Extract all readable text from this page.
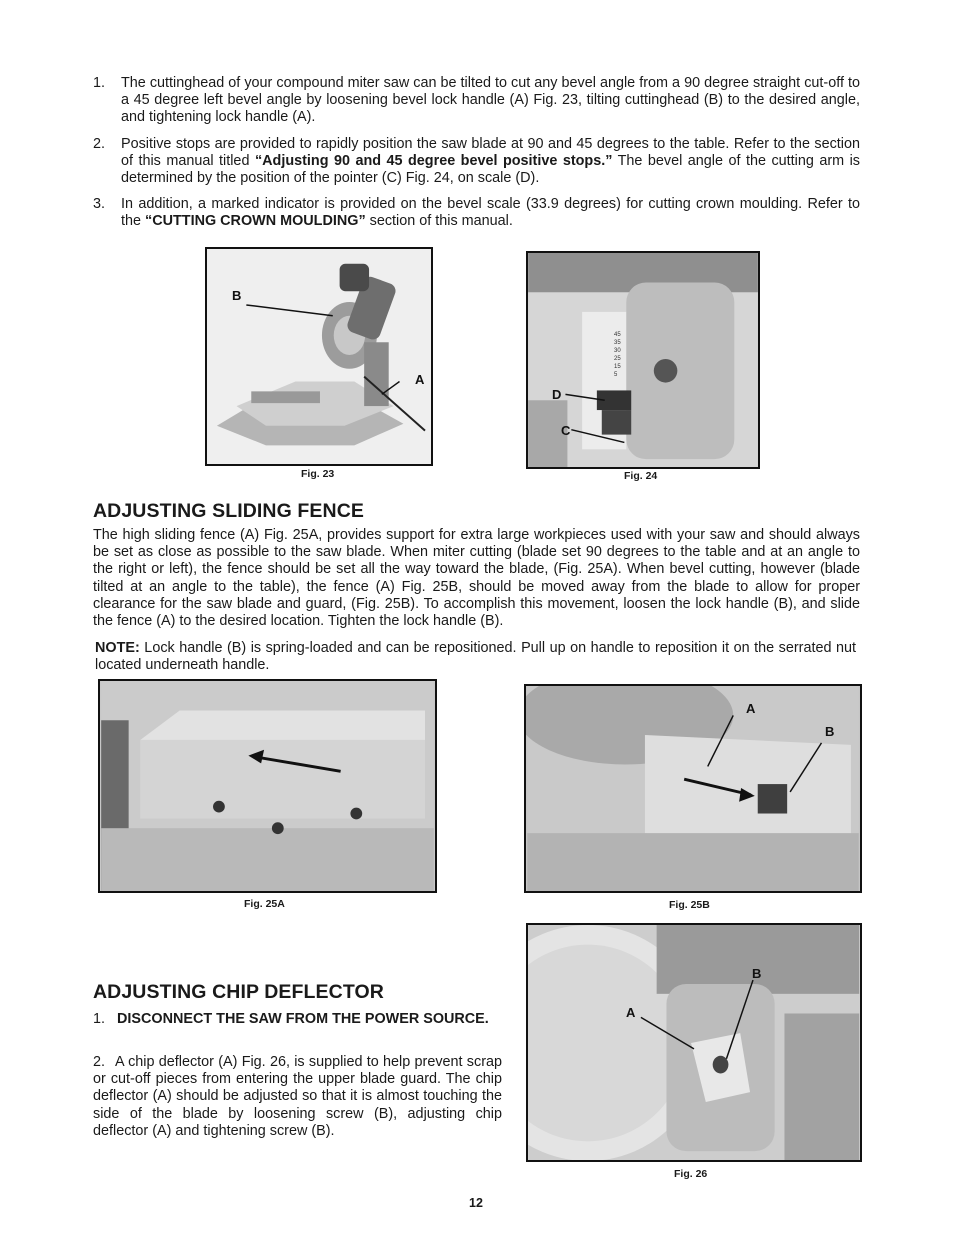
1. The cuttinghead of your compound miter saw can be tilted to cut any bevel angle from a 90 degree straight cut-off to a 45 degree left bevel angle by loosening bevel lock handle (A) Fig. 23, tilting cuttinghead (B) to the desired angle, and tightening lock handle (A).
2. Positive stops are provided to rapidly position the saw blade at 90 and 45 degrees to the table. Refer to the section of this manual titled “Adjusting 90 and 45 degree bevel positive stops.” The bevel angle of the cutting arm is determined by the position of the pointer (C) Fig. 24, on scale (D).
3. In addition, a marked indicator is provided on the bevel scale (33.9 degrees) for cutting crown moulding. Refer to the “CUTTING CROWN MOULDING” section of this manual.
B
A
Fig. 23
45
35
30
25
15
5
D
C
Fig. 24
ADJUSTING SLIDING FENCE
The high sliding fence (A) Fig. 25A, provides support for extra large workpieces used with your saw and should always be set as close as possible to the saw blade. When miter cutting (blade set 90 degrees to the table and at an angle to the right or left), the fence should be set all the way toward the blade, (Fig. 25A). When bevel cutting, however (blade tilted at an angle to the table), the fence (A) Fig. 25B, should be moved away from the blade to allow for proper clearance for the saw blade and guard, (Fig. 25B). To accomplish this movement, loosen the lock handle (B), and slide the fence (A) to the desired location. Tighten the lock handle (B).
NOTE: Lock handle (B) is spring-loaded and can be repositioned. Pull up on handle to reposition it on the serrated nut located underneath handle.
Fig. 25A
A
B
Fig. 25B
B
A
Fig. 26
ADJUSTING CHIP DEFLECTOR
1. DISCONNECT THE SAW FROM THE POWER SOURCE.
2. A chip deflector (A) Fig. 26, is supplied to help prevent scrap or cut-off pieces from entering the upper blade guard. The chip deflector (A) should be adjusted so that it is almost touching the side of the blade by loosening screw (B), adjusting chip deflector (A) and tightening screw (B).
12
